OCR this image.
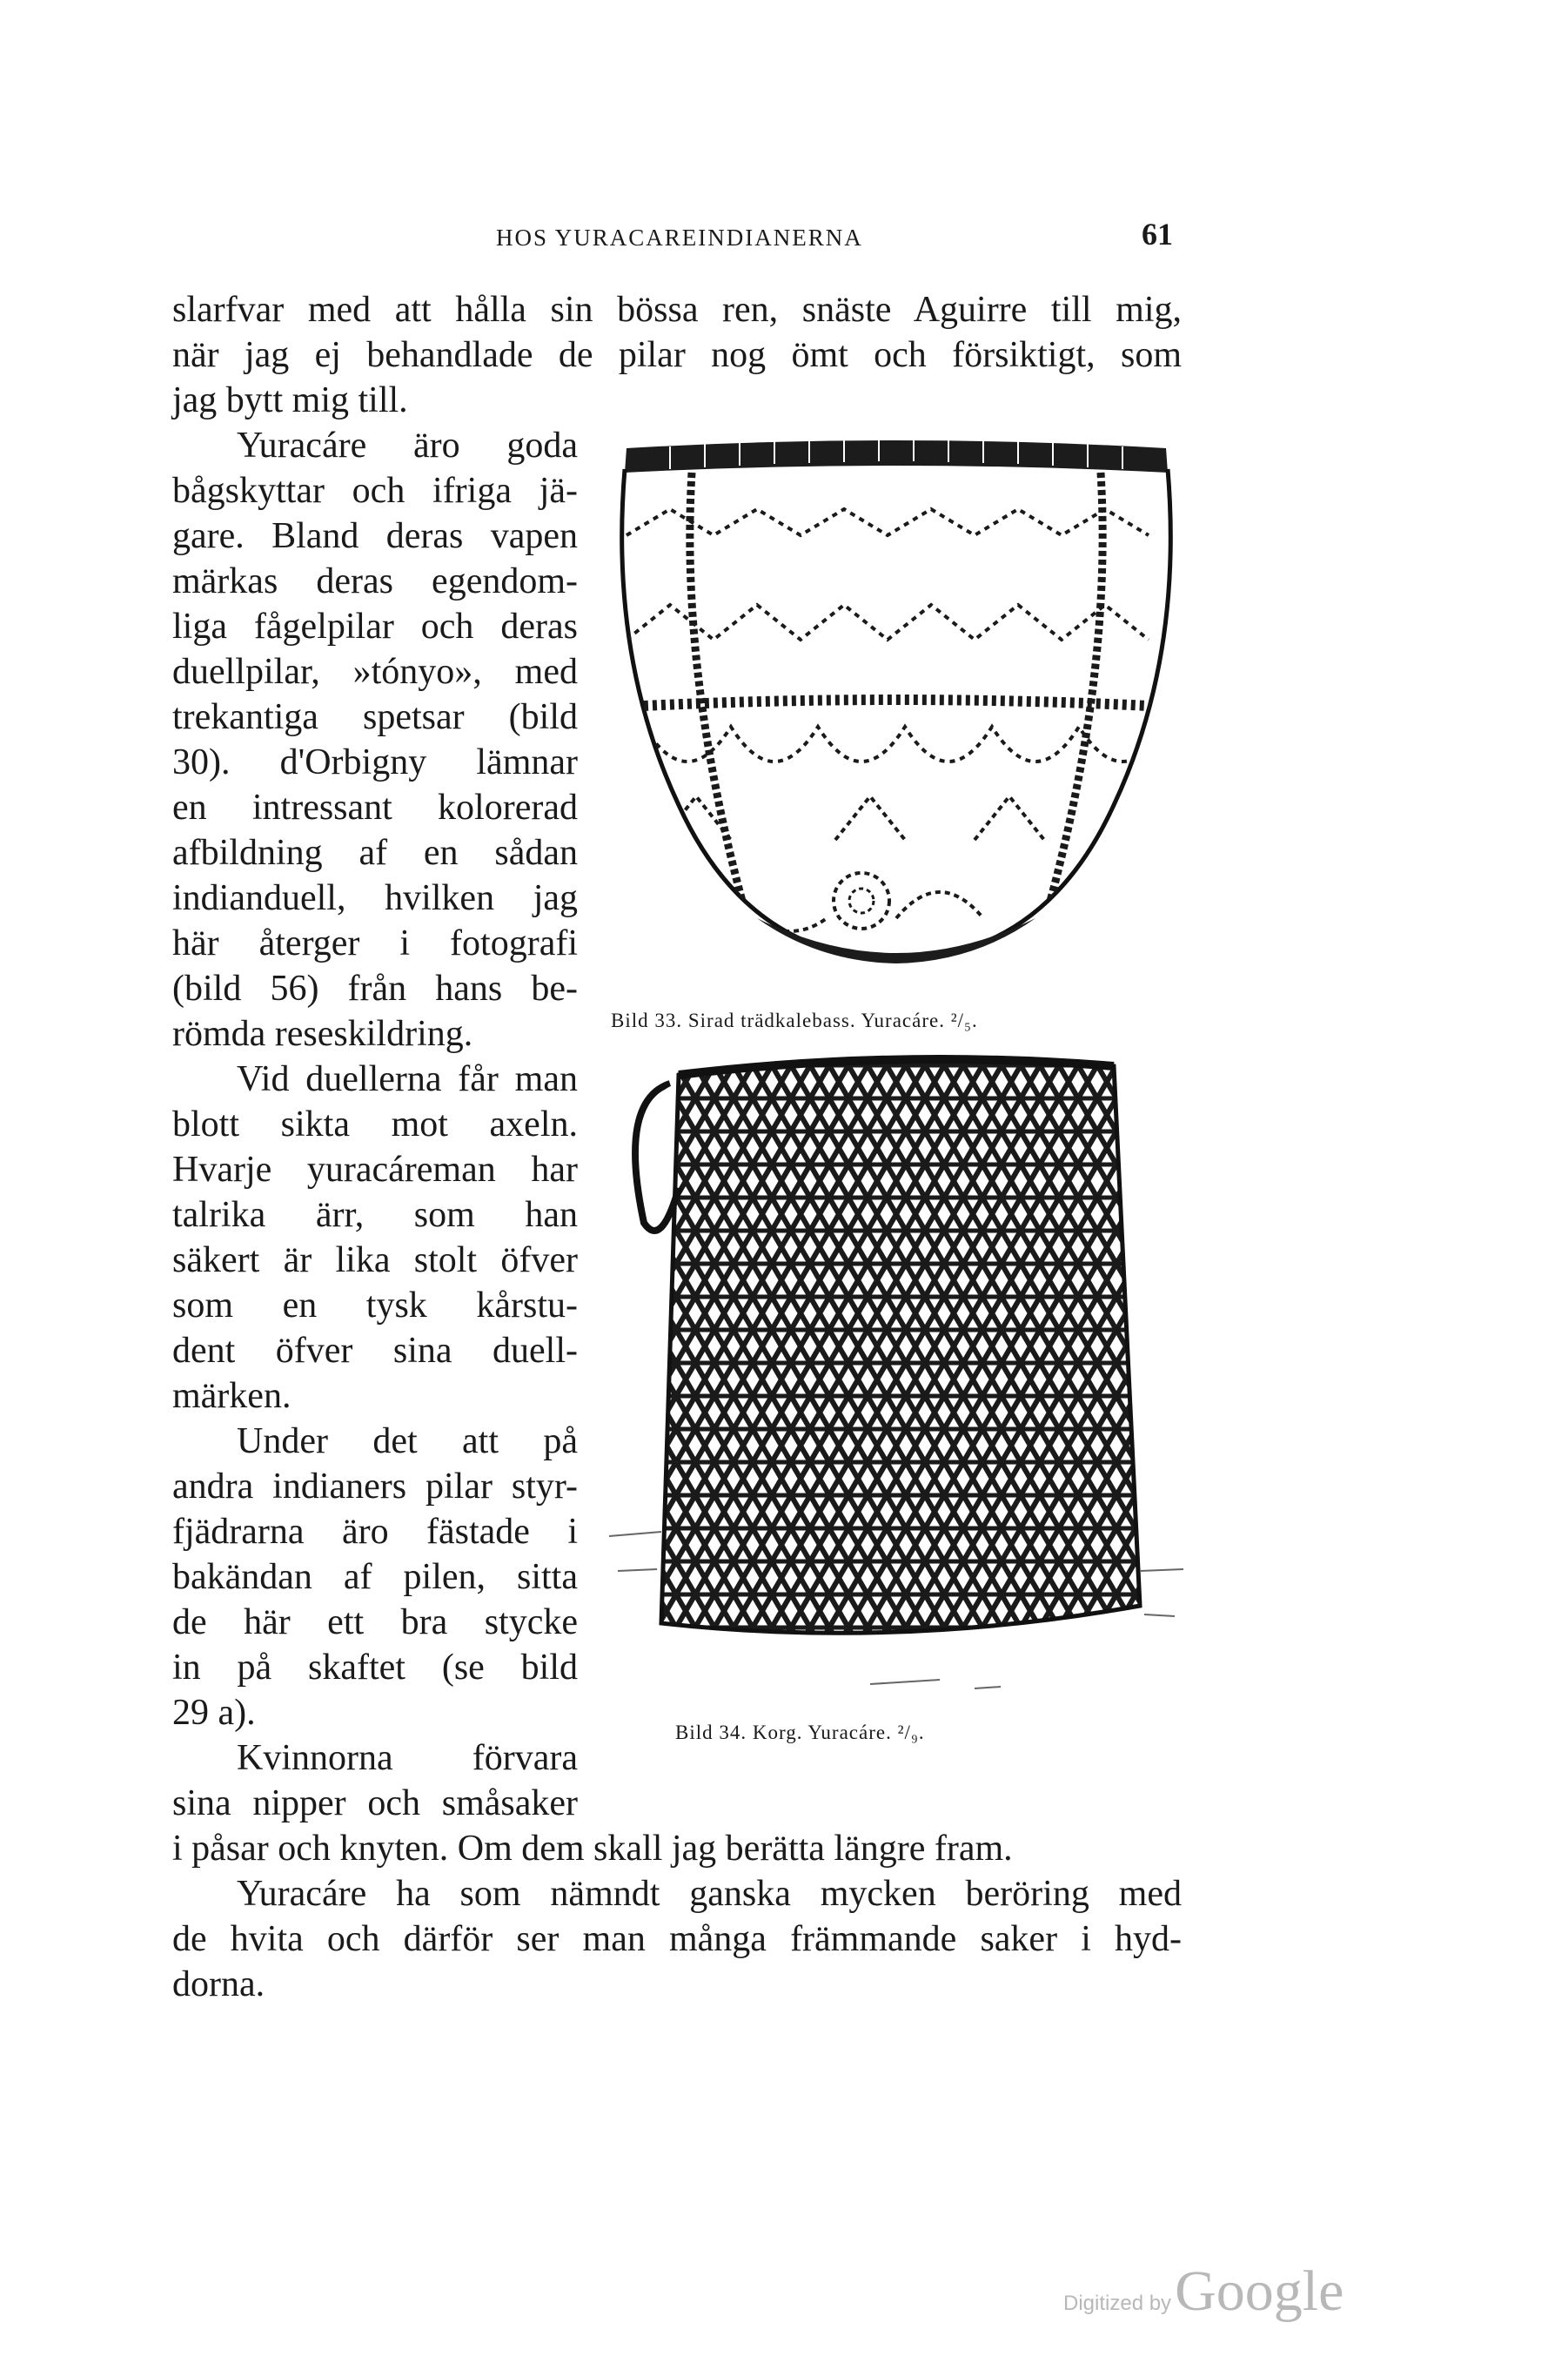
HOS YURACAREINDIANERNA	61
slarfvar med att hålla sin bössa ren, snäste Aguirre till mig,
när jag ej behandlade de pilar nog ömt och försiktigt, som
jag bytt mig till.
Yuracáre äro goda
bågskyttar och ifriga jä-
gare. Bland deras vapen
märkas deras egendom-
liga fågelpilar och deras
duellpilar, »tónyo», med
trekantiga spetsar (bild
30). d'Orbigny lämnar
en intressant kolorerad
afbildning af en sådan
indianduell, hvilken jag
här återger i fotografi
(bild 56) från hans be-
römda reseskildring.
Vid duellerna får man
blott sikta mot axeln.
Hvarje yuracáreman har
talrika ärr, som han
säkert är lika stolt öfver
som en tysk kårstu-
dent öfver sina duell-
märken.
Under det att på
andra indianers pilar styr-
fjädrarna äro fästade i
bakändan af pilen, sitta
de här ett bra stycke
in på skaftet (se bild
29 a).
Kvinnorna förvara
sina nipper och småsaker
i påsar och knyten. Om dem skall jag berätta längre fram.
Yuracáre ha som nämndt ganska mycken beröring med
de hvita och därför ser man många främmande saker i hyd-
dorna.
Bild 33. Sirad trädkalebass. Yuracáre. ²/₅.
Bild 34. Korg. Yuracáre. ²/₉.
Digitized by Google
